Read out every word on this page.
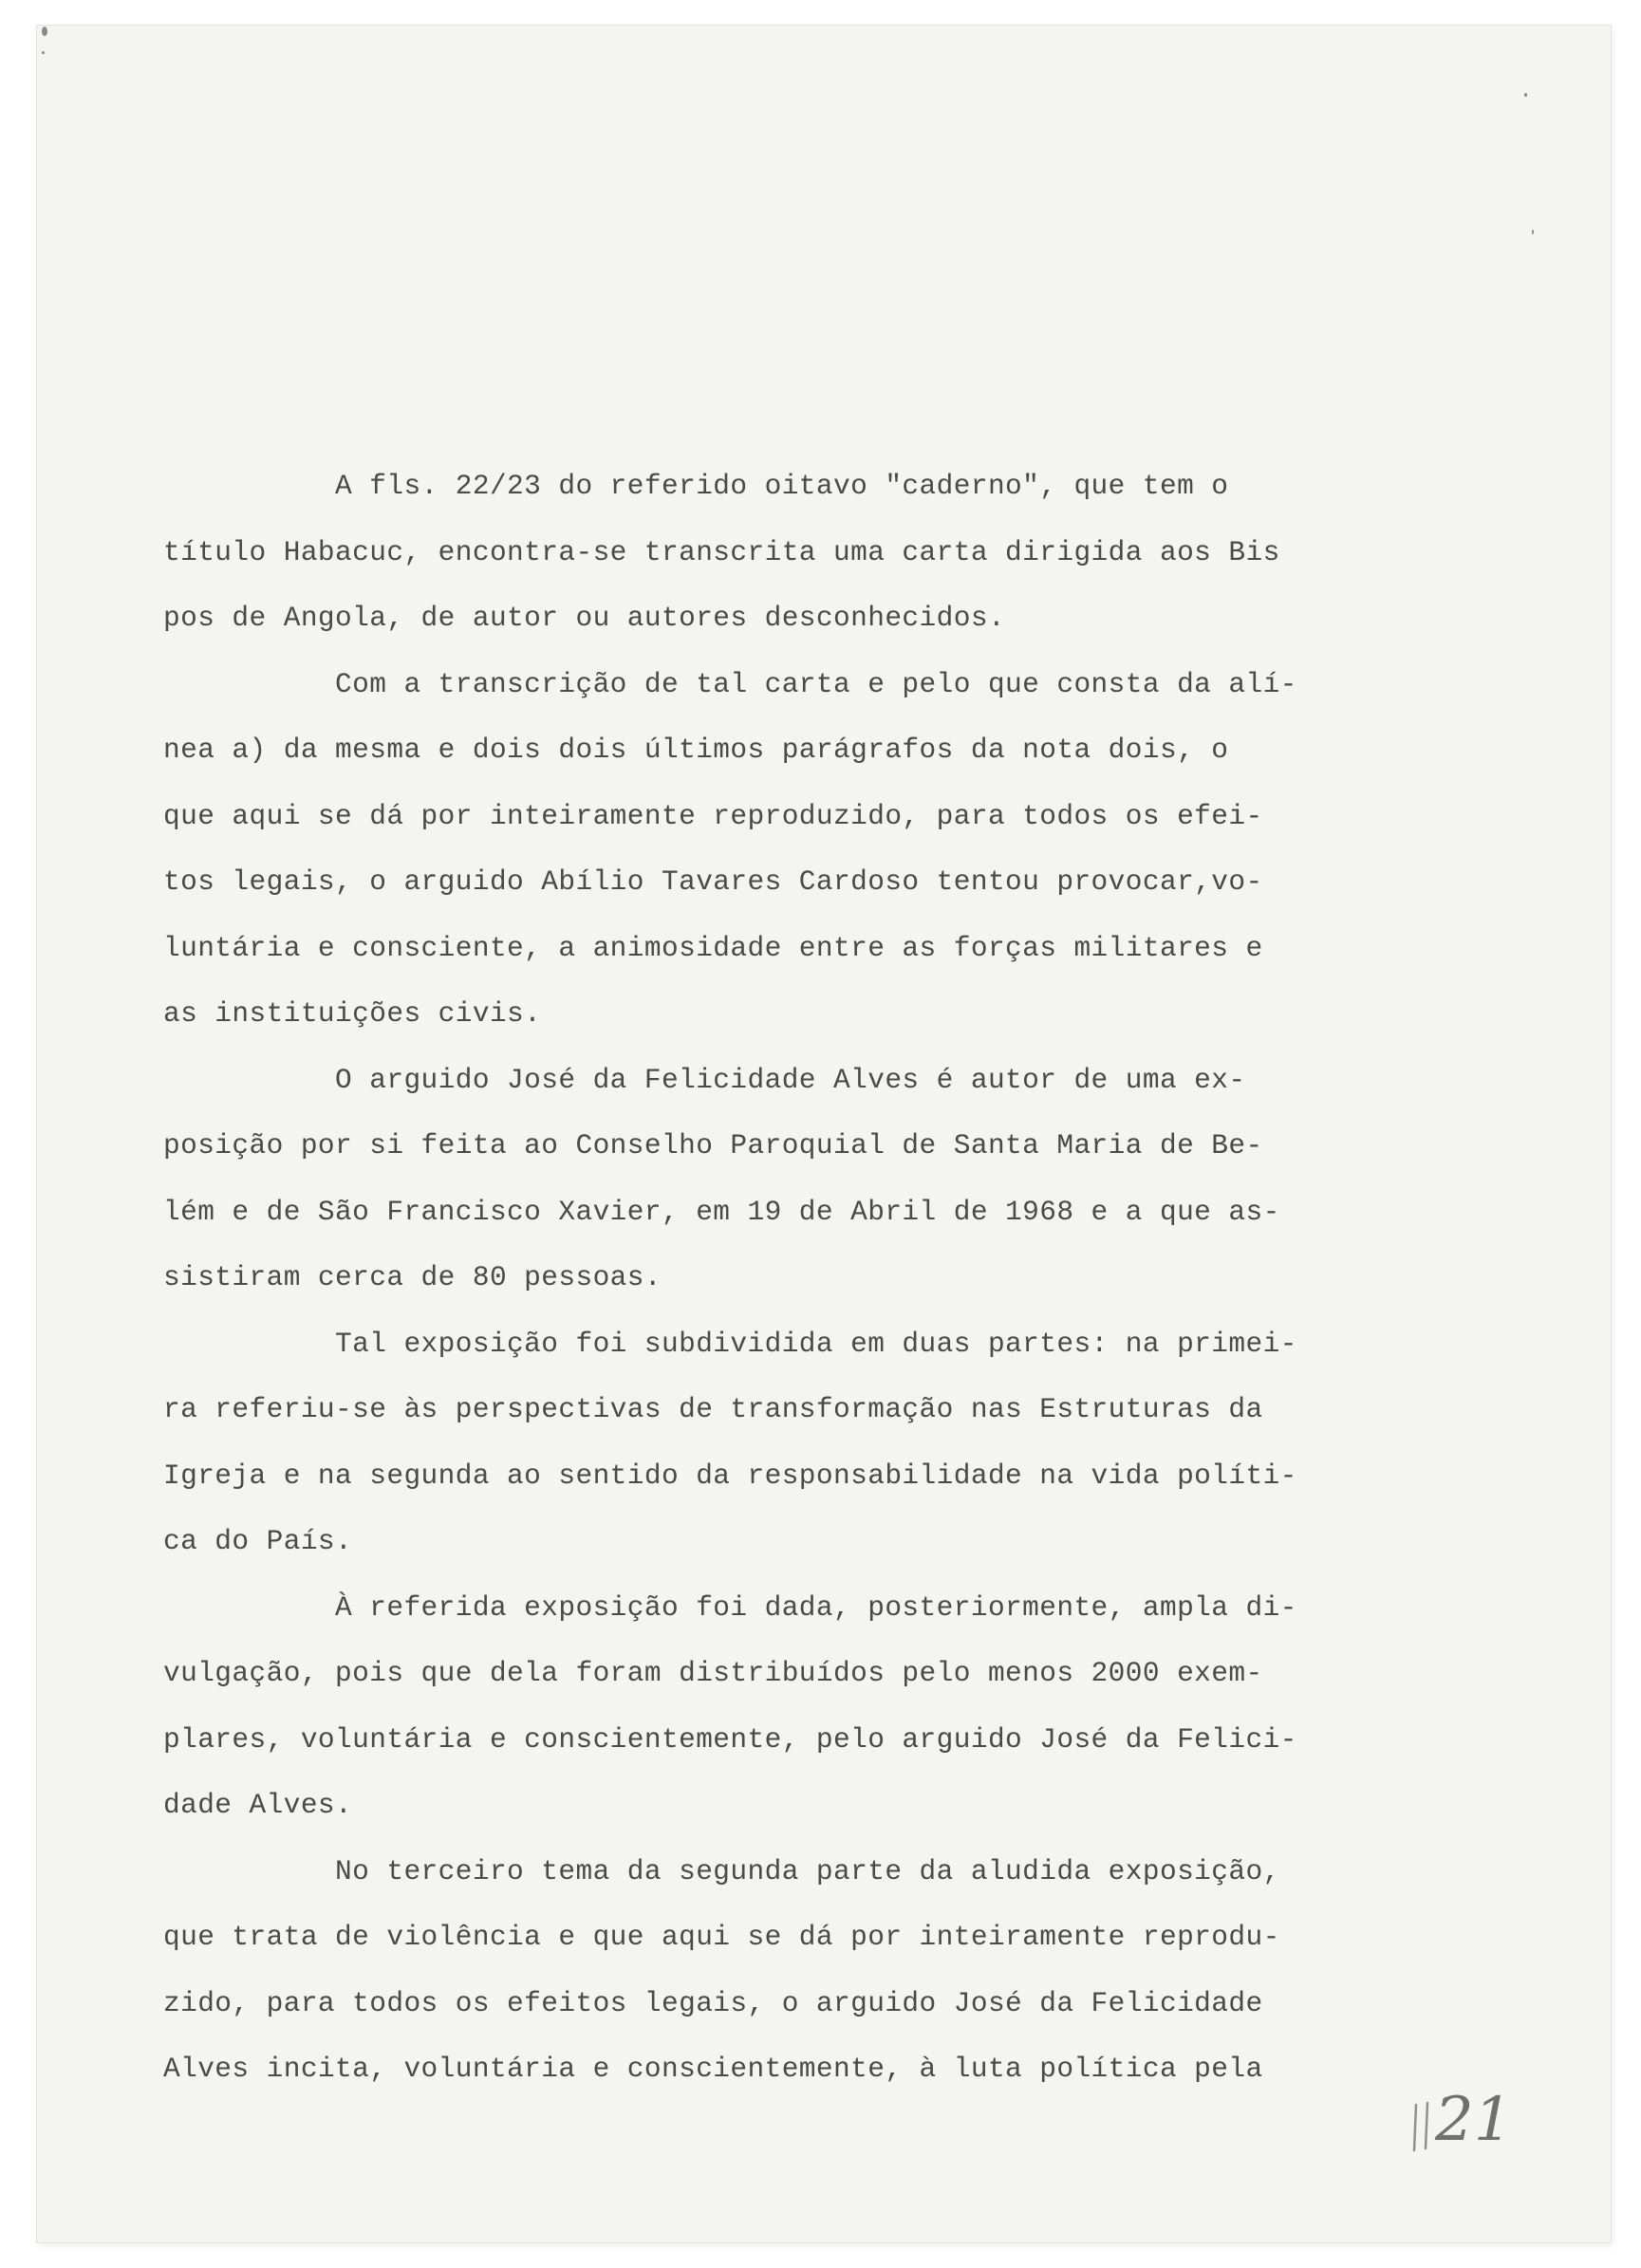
A fls. 22/23 do referido oitavo "caderno", que tem o
título Habacuc, encontra-se transcrita uma carta dirigida aos Bis
pos de Angola, de autor ou autores desconhecidos.
Com a transcrição de tal carta e pelo que consta da alí-
nea a) da mesma e dois dois últimos parágrafos da nota dois, o
que aqui se dá por inteiramente reproduzido, para todos os efei-
tos legais, o arguido Abílio Tavares Cardoso tentou provocar,vo-
luntária e consciente, a animosidade entre as forças militares e
as instituições civis.
O arguido José da Felicidade Alves é autor de uma ex-
posição por si feita ao Conselho Paroquial de Santa Maria de Be-
lém e de São Francisco Xavier, em 19 de Abril de 1968 e a que as-
sistiram cerca de 80 pessoas.
Tal exposição foi subdividida em duas partes: na primei-
ra referiu-se às perspectivas de transformação nas Estruturas da
Igreja e na segunda ao sentido da responsabilidade na vida políti-
ca do País.
À referida exposição foi dada, posteriormente, ampla di-
vulgação, pois que dela foram distribuídos pelo menos 2000 exem-
plares, voluntária e conscientemente, pelo arguido José da Felici-
dade Alves.
No terceiro tema da segunda parte da aludida exposição,
que trata de violência e que aqui se dá por inteiramente reprodu-
zido, para todos os efeitos legais, o arguido José da Felicidade
Alves incita, voluntária e conscientemente, à luta política pela
21
